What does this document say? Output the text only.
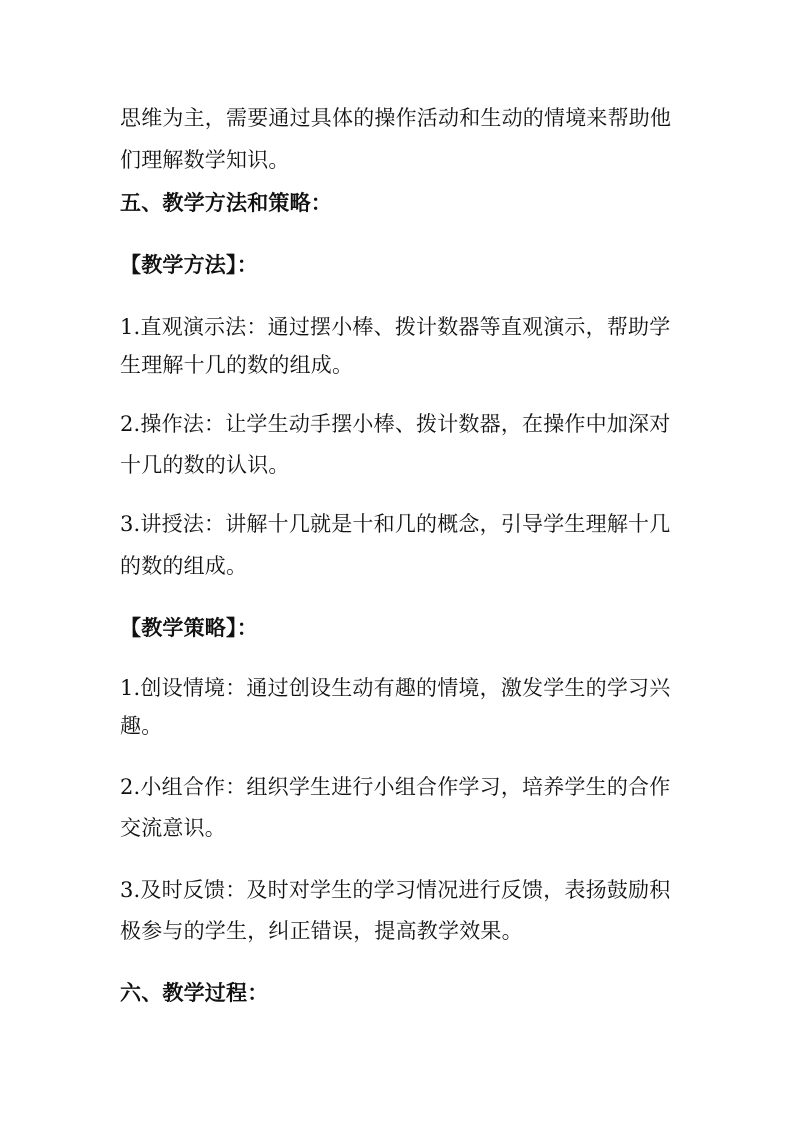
思维为主，需要通过具体的操作活动和生动的情境来帮助他
们理解数学知识。
五、教学方法和策略：
【教学方法】：
1.直观演示法：通过摆小棒、拨计数器等直观演示，帮助学
生理解十几的数的组成。
2.操作法：让学生动手摆小棒、拨计数器，在操作中加深对
十几的数的认识。
3.讲授法：讲解十几就是十和几的概念，引导学生理解十几
的数的组成。
【教学策略】：
1.创设情境：通过创设生动有趣的情境，激发学生的学习兴
趣。
2.小组合作：组织学生进行小组合作学习，培养学生的合作
交流意识。
3.及时反馈：及时对学生的学习情况进行反馈，表扬鼓励积
极参与的学生，纠正错误，提高教学效果。
六、教学过程：
